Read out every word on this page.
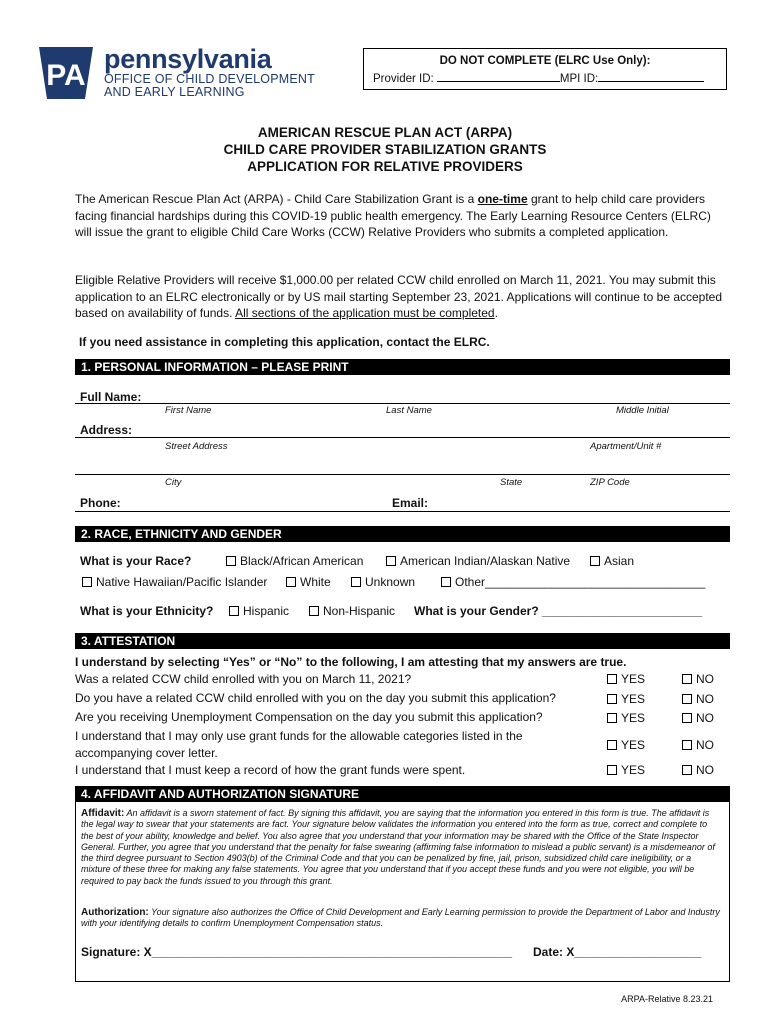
PA pennsylvania
OFFICE OF CHILD DEVELOPMENT
AND EARLY LEARNING
DO NOT COMPLETE (ELRC Use Only):
Provider ID:	MPI ID:
AMERICAN RESCUE PLAN ACT (ARPA)
CHILD CARE PROVIDER STABILIZATION GRANTS
APPLICATION FOR RELATIVE PROVIDERS
The American Rescue Plan Act (ARPA) - Child Care Stabilization Grant is a one-time grant to help child care providers facing financial hardships during this COVID-19 public health emergency. The Early Learning Resource Centers (ELRC) will issue the grant to eligible Child Care Works (CCW) Relative Providers who submits a completed application.
Eligible Relative Providers will receive $1,000.00 per related CCW child enrolled on March 11, 2021. You may submit this application to an ELRC electronically or by US mail starting September 23, 2021. Applications will continue to be accepted based on availability of funds. All sections of the application must be completed.
If you need assistance in completing this application, contact the ELRC.
1. PERSONAL INFORMATION – PLEASE PRINT
Full Name:
First Name	Last Name	Middle Initial
Address:
Street Address	Apartment/Unit #
City	State	ZIP Code
Phone:	Email:
2. RACE, ETHNICITY AND GENDER
What is your Race?	Black/African American	American Indian/Alaskan Native	Asian
Native Hawaiian/Pacific Islander	White	Unknown	Other_________________________________
What is your Ethnicity?	Hispanic	Non-Hispanic What is your Gender? ________________________
3. ATTESTATION
I understand by selecting “Yes” or “No” to the following, I am attesting that my answers are true.
Was a related CCW child enrolled with you on March 11, 2021?	YES	NO
Do you have a related CCW child enrolled with you on the day you submit this application?	YES	NO
Are you receiving Unemployment Compensation on the day you submit this application?	YES	NO
I understand that I may only use grant funds for the allowable categories listed in the
accompanying cover letter.
YES	NO
I understand that I must keep a record of how the grant funds were spent.	YES	NO
4. AFFIDAVIT AND AUTHORIZATION SIGNATURE
Affidavit: An affidavit is a sworn statement of fact. By signing this affidavit, you are saying that the information you entered in this form is true. The affidavit is the legal way to swear that your statements are fact. Your signature below validates the information you entered into the form as true, correct and complete to the best of your ability, knowledge and belief. You also agree that you understand that your information may be shared with the Office of the State Inspector General. Further, you agree that you understand that the penalty for false swearing (affirming false information to mislead a public servant) is a misdemeanor of the third degree pursuant to Section 4903(b) of the Criminal Code and that you can be penalized by fine, jail, prison, subsidized child care ineligibility, or a mixture of these three for making any false statements. You agree that you understand that if you accept these funds and you were not eligible, you will be required to pay back the funds issued to you through this grant.
Authorization: Your signature also authorizes the Office of Child Development and Early Learning permission to provide the Department of Labor and Industry with your identifying details to confirm Unemployment Compensation status.
Signature: X______________________________________________________ Date: X___________________
ARPA-Relative 8.23.21
